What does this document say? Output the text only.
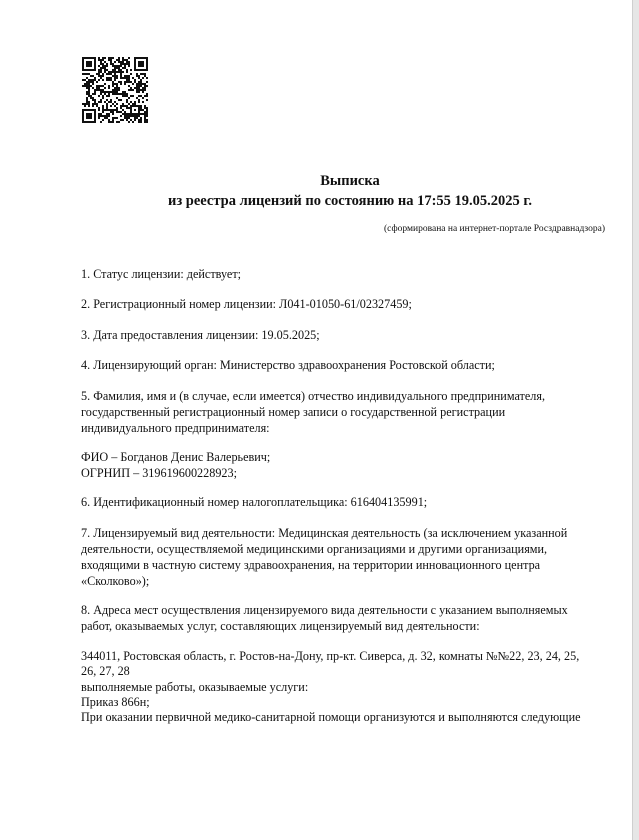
Выписка
из реестра лицензий по состоянию на 17:55 19.05.2025 г.
(сформирована на интернет-портале Росздравнадзора)
1. Статус лицензии: действует;
2. Регистрационный номер лицензии: Л041-01050-61/02327459;
3. Дата предоставления лицензии: 19.05.2025;
4. Лицензирующий орган: Министерство здравоохранения Ростовской области;
5. Фамилия, имя и (в случае, если имеется) отчество индивидуального предпринимателя,
государственный регистрационный номер записи о государственной регистрации
индивидуального предпринимателя:
ФИО – Богданов Денис Валерьевич;
ОГРНИП – 319619600228923;
6. Идентификационный номер налогоплательщика: 616404135991;
7. Лицензируемый вид деятельности: Медицинская деятельность (за исключением указанной
деятельности, осуществляемой медицинскими организациями и другими организациями,
входящими в частную систему здравоохранения, на территории инновационного центра
«Сколково»);
8. Адреса мест осуществления лицензируемого вида деятельности с указанием выполняемых
работ, оказываемых услуг, составляющих лицензируемый вид деятельности:
344011, Ростовская область, г. Ростов-на-Дону, пр-кт. Сиверса, д. 32, комнаты №№22, 23, 24, 25,
26, 27, 28
выполняемые работы, оказываемые услуги:
Приказ 866н;
При оказании первичной медико-санитарной помощи организуются и выполняются следующие
